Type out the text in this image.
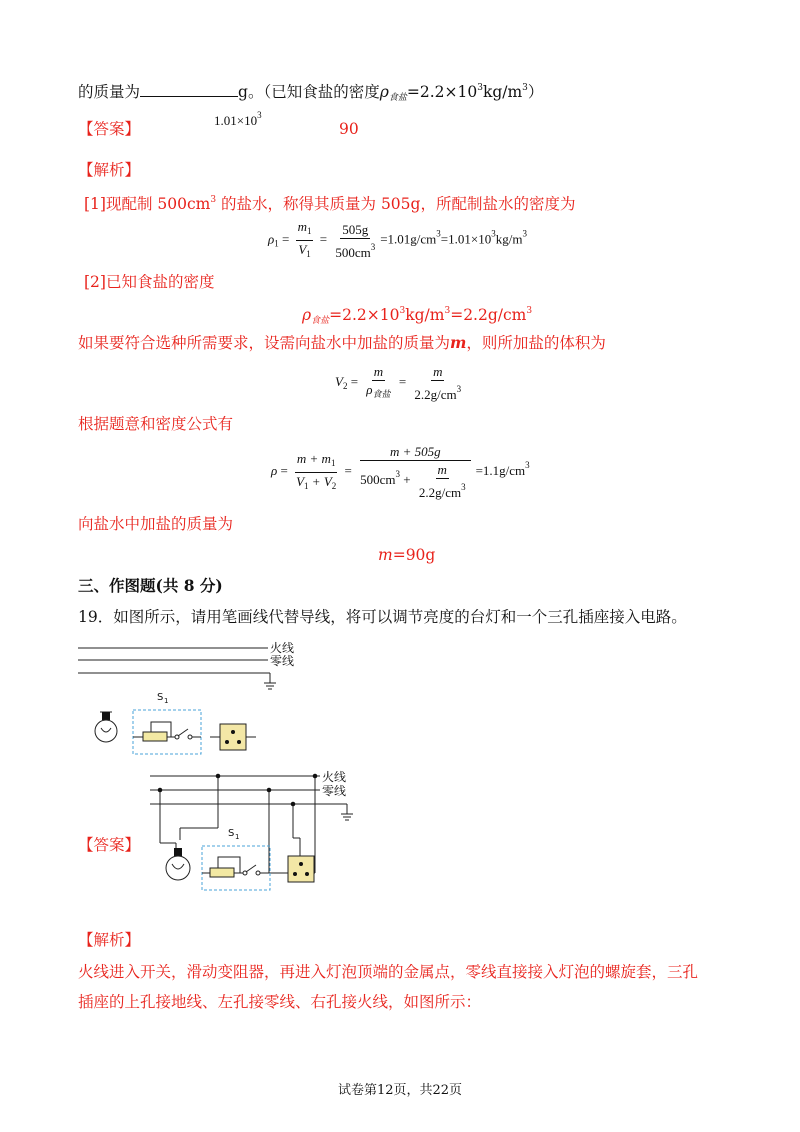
的质量为	g。（已知食盐的密度$\rho_{食盐}=2.2\times 10^3kg/m^3$）
【答案】	$1.01\times 10^3$
90
【解析】
[1]现配制 $500cm^3$ 的盐水，称得其质量为 505g，所配制盐水的密度为
$\rho_1 = \frac{m_1}{V_1} = \frac{505g}{500cm^3} =1.01g/cm^3=1.01\times 10^3kg/m^3$
[2]已知食盐的密度
$\rho_{食盐}=2.2\times 10^3kg/m^3=2.2g/cm^3$
如果要符合选种所需要求，设需向盐水中加盐的质量为m，则所加盐的体积为
$V_2 = \frac{m}{\rho_{食盐}} = \frac{m}{2.2g/cm^3}$
根据题意和密度公式有
$\rho = \frac{m + m_1}{V_1 + V_2} = \frac{m + 505g}{500cm^3 + \frac{m}{2.2g/cm^3}} =1.1g/cm^3$
向盐水中加盐的质量为
m=90g
三、作图题(共 8 分)
19．如图所示，请用笔画线代替导线，将可以调节亮度的台灯和一个三孔插座接入电路。
火线
零线
S 1
【答案】
火线
零线
S 1
【解析】
火线进入开关，滑动变阻器，再进入灯泡顶端的金属点，零线直接接入灯泡的螺旋套，三孔
插座的上孔接地线、左孔接零线、右孔接火线，如图所示：
试卷第12页，共22页
